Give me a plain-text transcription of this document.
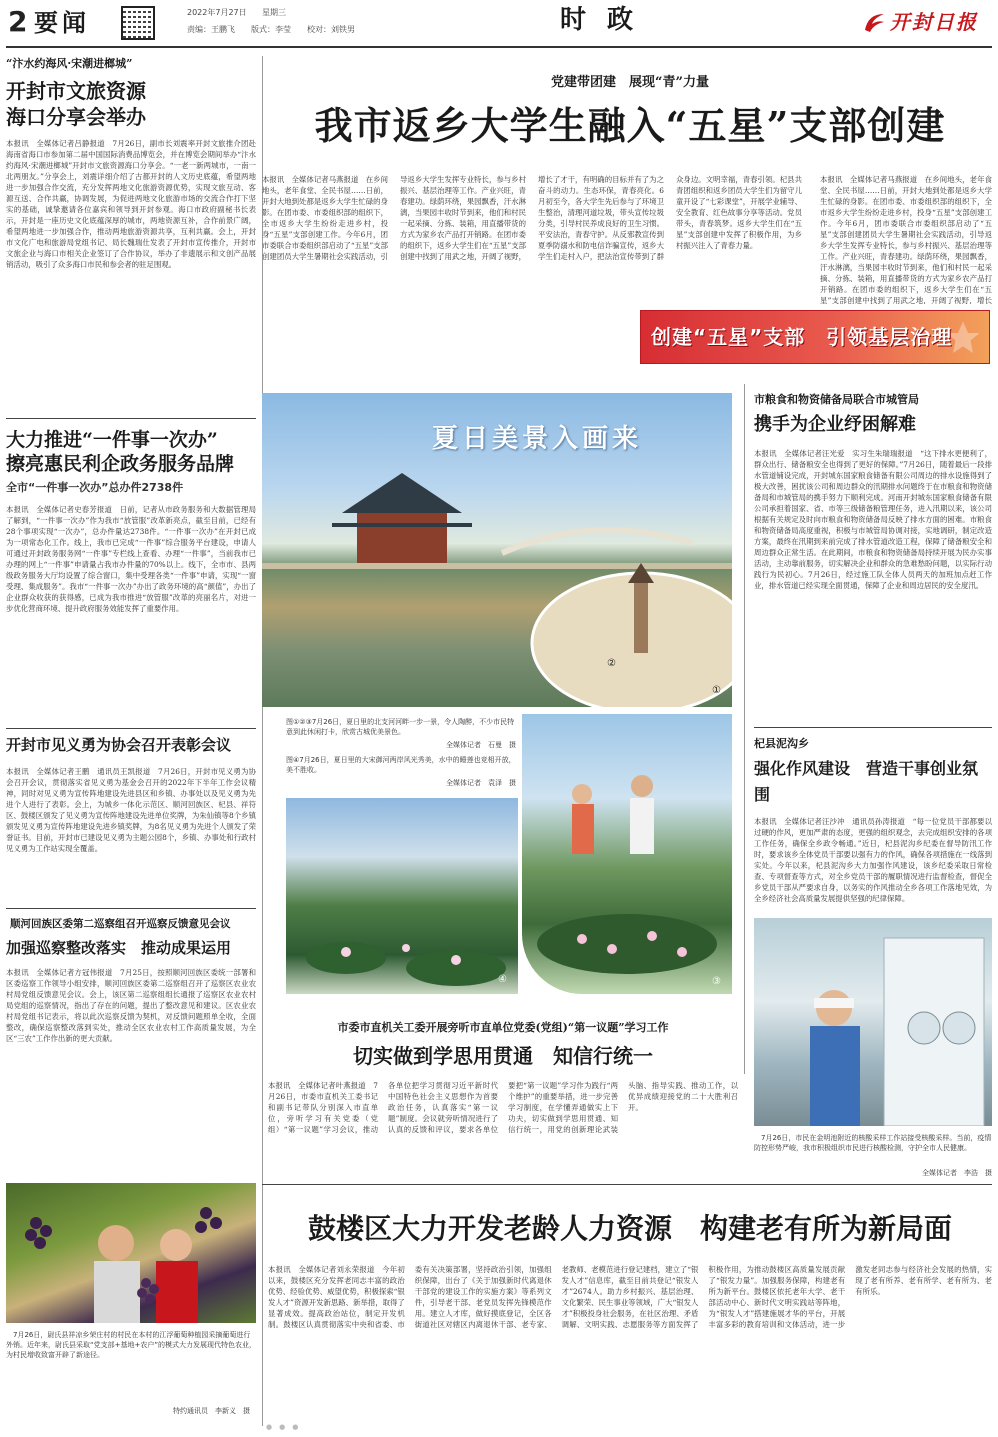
2 要闻	2022年7月27日 星期三
责编：王鹏飞　　版式：李莹　　校对：刘铁男	时 政	开封日报
“汴水约海风·宋潮进榔城”
开封市文旅资源
海口分享会举办
本报讯　全媒体记者吕静报道　7月26日，副市长刘震率开封文旅推介团赴海南省海口市参加第二届中国国际消费品博览会，并在博览会期间举办“汴水约海风·宋潮进榔城”开封市文旅资源海口分享会。“一老一新两城市，一南一北两朋友。”分享会上，刘震详细介绍了古都开封的人文历史底蕴，希望两地进一步加强合作交流，充分发挥两地文化旅游资源优势，实现文旅互动、客源互送、合作共赢，协调发展，为促进两地文化旅游市场的交流合作打下坚实的基础，诚挚邀请各位嘉宾和领导到开封参观。海口市政府副秘书长表示，开封是一座历史文化底蕴深厚的城市，两地资源互补，合作前景广阔，希望两地进一步加强合作，推动两地旅游资源共享，互利共赢。会上，开封市文化广电和旅游局党组书记、局长魏瑞仕发表了开封市宣传推介，开封市文旅企业与海口市相关企业签订了合作协议，举办了非遗展示和文创产品展销活动，吸引了众多海口市民和参会者的驻足围观。
大力推进“一件事一次办”
擦亮惠民利企政务服务品牌
全市“一件事一次办”总办件2738件
本报讯　全媒体记者史春芳报道　日前，记者从市政务服务和大数据管理局了解到，“一件事一次办”作为我市“放管服”改革新亮点，截至目前，已经有28个事项实现“一次办”，总办件量达2738件。“一件事一次办”在开封已成为一项常态化工作。线上，我市已完成“一件事”综合服务平台建设，申请人可通过开封政务服务网“一件事”专栏线上查看、办理“一件事”，当前我市已办理的网上“一件事”申请量占我市办件量的70%以上。线下，全市市、县两级政务服务大厅均设置了综合窗口，集中受理各类“一件事”申请，实现“一窗受理、集成服务”。我市“一件事一次办”办出了政务环境的高“颜值”，办出了企业群众收获的获得感，已成为我市推进“放管服”改革的亮丽名片，对进一步优化营商环境、提升政府服务效能发挥了重要作用。
开封市见义勇为协会召开表彰会议
本报讯　全媒体记者王鹏　通讯员王凯报道　7月26日，开封市见义勇为协会召开会议，贯彻落实省见义勇为基金会召开的2022年下半年工作会议精神，同时对见义勇为宣传阵地建设先进县区和乡镇、办事处以及见义勇为先进个人进行了表彰。会上，为城乡一体化示范区、顺河回族区、杞县、祥符区、鼓楼区颁发了见义勇为宣传阵地建设先进单位奖牌，为朱仙镇等8个乡镇颁发见义勇为宣传阵地建设先进乡镇奖牌，为8名见义勇为先进个人颁发了荣誉证书。目前，开封市已建设见义勇为主题公园8个，乡镇、办事处和行政村见义勇为工作站实现全覆盖。
顺河回族区委第二巡察组召开巡察反馈意见会议
加强巡察整改落实　推动成果运用
本报讯　全媒体记者方冠伟报道　7月25日，按照顺河回族区委统一部署和区委巡察工作领导小组安排，顺河回族区委第二巡察组召开了巡察区农业农村局党组反馈意见会议。会上，该区第二巡察组组长通报了巡察区农业农村局党组的巡察情况，指出了存在的问题，提出了整改意见和建议。区农业农村局党组书记表示，将以此次巡察反馈为契机，对反馈问题照单全收，全面整改，确保巡察整改落到实处，推动全区农业农村工作高质量发展，为全区“三农”工作作出新的更大贡献。
7月26日，尉氏县祥凉乡荣庄村的村民在本村的江浮葡萄种植园采摘葡萄进行外销。近年来，尉氏县采取“党支部+基地+农户”的模式大力发展现代特色农业，为村民增收致富开辟了新途径。
特约通讯员　李新义　摄
党建带团建　展现“青”力量
我市返乡大学生融入“五星”支部创建
本报讯　全媒体记者马燕报道　在乡间地头，老年食堂、全民书屋……日前，开封大地到处都是返乡大学生忙碌的身影。在团市委、市委组织部的组织下，全市返乡大学生纷纷走进乡村，投身“五星”支部创建工作。今年6月，团市委联合市委组织部启动了“五星”支部创建团员大学生暑期社会实践活动，引导返乡大学生发挥专业特长，参与乡村振兴、基层治理等工作。产业兴旺，青春建功。绿荫环绕，果园飘香，汗水淋漓，当果园丰收时节到来，他们和村民一起采摘、分拣、装箱，用直播带货的方式为家乡农产品打开销路。在团市委的组织下，返乡大学生们在“五星”支部创建中找到了用武之地，开阔了视野，增长了才干，有明确的目标并有了为之奋斗的动力。生态环保，青春亮化。6月初至今，各大学生先后参与了环境卫生整治，清理河道垃圾，带头宣传垃圾分类，引导村民养成良好的卫生习惯。平安法治，青春守护。从反邪教宣传到夏季防溺水和防电信诈骗宣传，返乡大学生们走村入户，把法治宣传带到了群众身边。文明幸福，青春引领。杞县共青团组织和返乡团员大学生们为留守儿童开设了“七彩课堂”，开展学业辅导、安全教育、红色故事分享等活动。党员带头，青春筑梦。返乡大学生们在“五星”支部创建中发挥了积极作用，为乡村振兴注入了青春力量。
本报讯　全媒体记者马燕报道　在乡间地头，老年食堂、全民书屋……日前，开封大地到处都是返乡大学生忙碌的身影。在团市委、市委组织部的组织下，全市返乡大学生纷纷走进乡村，投身“五星”支部创建工作。今年6月，团市委联合市委组织部启动了“五星”支部创建团员大学生暑期社会实践活动，引导返乡大学生发挥专业特长，参与乡村振兴、基层治理等工作。产业兴旺，青春建功。绿荫环绕，果园飘香，汗水淋漓，当果园丰收时节到来，他们和村民一起采摘、分拣、装箱，用直播带货的方式为家乡农产品打开销路。在团市委的组织下，返乡大学生们在“五星”支部创建中找到了用武之地，开阔了视野，增长
创建“五星”支部　引领基层治理
夏日美景入画来
①
②
图①②③7月26日，夏日里的北支河河畔一步一景，令人陶醉，不少市民特意到此休闲打卡，欣赏古城优美景色。
全媒体记者　石曼　摄
图④7月26日，夏日里的大宋御河两岸风光秀美，水中的睡莲也竞相开放，美不胜收。
全媒体记者　袁泽　摄
③
④
市粮食和物资储备局联合市城管局
携手为企业纾困解难
本报讯　全媒体记者汪光爱　实习生朱瑞瑞报道　“这下排水更便利了，群众出行、储备粮安全也得到了更好的保障。”7月26日，随着最后一段排水管道铺设完成，开封城东国家粮食储备有限公司周边的排水设施得到了极大改善，困扰该公司和周边群众的汛期排水问题终于在市粮食和物资储备局和市城管局的携手努力下顺利完成。河南开封城东国家粮食储备有限公司承担着国家、省、市等三级储备粮管理任务，进入汛期以来，该公司根据有关规定及时向市粮食和物资储备局反映了排水方面的困难。市粮食和物资储备局高度重视，积极与市城管局协调对接，实地调研，制定改造方案，最终在汛期到来前完成了排水管道改造工程，保障了储备粮安全和周边群众正常生活。在此期间，市粮食和物资储备局持续开展为民办实事活动，主动靠前服务，切实解决企业和群众的急难愁盼问题，以实际行动践行为民初心。7月26日，经过施工队全体人员两天的加班加点赶工作业，排水管道已经实现全面贯通，保障了企业和周边居民的安全度汛。
杞县泥沟乡
强化作风建设　营造干事创业氛围
本报讯　全媒体记者汪沙冲　通讯员孙涛报道　“每一位党员干部都要以过硬的作风，更加严肃的态度，更强的组织观念，去完成组织安排的各项工作任务，确保全乡政令畅通。”近日，杞县泥沟乡纪委在督导防汛工作时，要求该乡全体党员干部要以强有力的作风，确保各项措施在一线落到实处。今年以来，杞县泥沟乡大力加强作风建设，该乡纪委采取日常检查、专项督查等方式，对全乡党员干部的履职情况进行监督检查，督促全乡党员干部从严要求自身，以务实的作风推动全乡各项工作落地见效，为全乡经济社会高质量发展提供坚强的纪律保障。
7月26日，市民在金明池附近的核酸采样工作站接受核酸采样。当前，疫情防控形势严峻，我市积极组织市民进行核酸检测，守护全市人民健康。
全媒体记者　李浩　摄
市委市直机关工委开展旁听市直单位党委(党组)“第一议题”学习工作
切实做到学思用贯通　知信行统一
本报讯　全媒体记者叶燕报道　7月26日，市委市直机关工委书记和副书记带队分别深入市直单位，旁听学习有关党委（党组）“第一议题”学习会议，推动各单位把学习贯彻习近平新时代中国特色社会主义思想作为首要政治任务，认真落实“第一议题”制度。会议就旁听情况进行了认真的反馈和评议，要求各单位要把“第一议题”学习作为践行“两个维护”的重要举措，进一步完善学习制度，在学懂弄通做实上下功夫，切实做到学思用贯通、知信行统一，用党的创新理论武装头脑、指导实践、推动工作，以优异成绩迎接党的二十大胜利召开。
鼓楼区大力开发老龄人力资源　构建老有所为新局面
本报讯　全媒体记者刘永荣报道　今年初以来，鼓楼区充分发挥老同志丰富的政治优势、经验优势、威望优势，积极探索“银发人才”资源开发新思路、新举措，取得了显著成效。提高政治站位，制定开发机制。鼓楼区认真贯彻落实中央和省委、市委有关决策部署，坚持政治引领，加强组织保障，出台了《关于加强新时代离退休干部党的建设工作的实施方案》等系列文件，引导老干部、老党员发挥先锋模范作用。建立人才库，做好摸底登记，全区各街道社区对辖区内离退休干部、老专家、老教师、老模范进行登记建档，建立了“银发人才”信息库，截至目前共登记“银发人才”2674人。助力乡村振兴、基层治理、文化繁荣、民生事业等领域，广大“银发人才”积极投身社会服务，在社区治理、矛盾调解、文明实践、志愿服务等方面发挥了积极作用，为推动鼓楼区高质量发展贡献了“银发力量”。加强服务保障，构建老有所为新平台。鼓楼区依托老年大学、老干部活动中心、新时代文明实践站等阵地，为“银发人才”搭建施展才华的平台，开展丰富多彩的教育培训和文体活动，进一步激发老同志参与经济社会发展的热情，实现了老有所养、老有所学、老有所为、老有所乐。
●　●　●
